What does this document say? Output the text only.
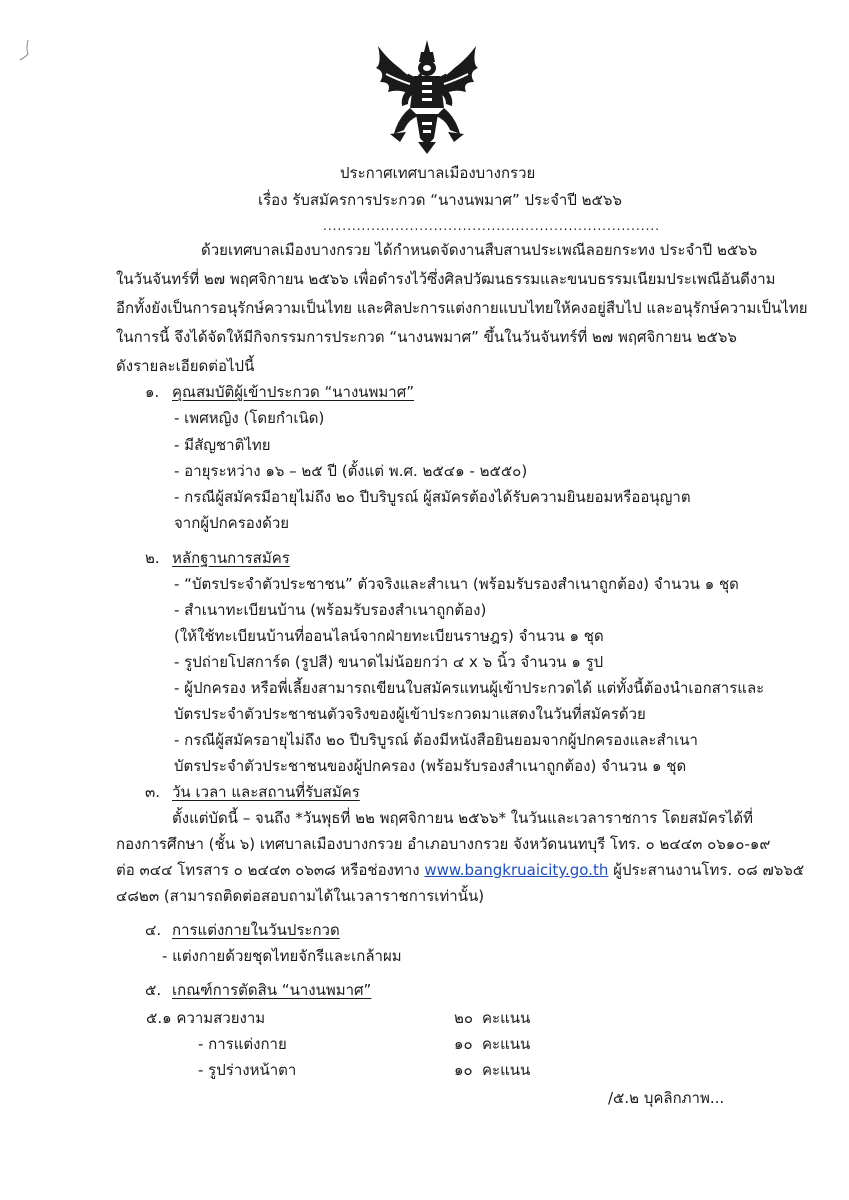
ประกาศเทศบาลเมืองบางกรวย
เรื่อง รับสมัครการประกวด “นางนพมาศ” ประจำปี ๒๕๖๖
......................................................................
ด้วยเทศบาลเมืองบางกรวย ได้กำหนดจัดงานสืบสานประเพณีลอยกระทง ประจำปี ๒๕๖๖
ในวันจันทร์ที่ ๒๗ พฤศจิกายน ๒๕๖๖ เพื่อดำรงไว้ซึ่งศิลปวัฒนธรรมและขนบธรรมเนียมประเพณีอันดีงาม
อีกทั้งยังเป็นการอนุรักษ์ความเป็นไทย และศิลปะการแต่งกายแบบไทยให้คงอยู่สืบไป และอนุรักษ์ความเป็นไทย
ในการนี้ จึงได้จัดให้มีกิจกรรมการประกวด “นางนพมาศ” ขึ้นในวันจันทร์ที่ ๒๗ พฤศจิกายน ๒๕๖๖
ดังรายละเอียดต่อไปนี้
๑. คุณสมบัติผู้เข้าประกวด “นางนพมาศ”
- เพศหญิง (โดยกำเนิด)
- มีสัญชาติไทย
- อายุระหว่าง ๑๖ – ๒๕ ปี (ตั้งแต่ พ.ศ. ๒๕๔๑ - ๒๕๕๐)
- กรณีผู้สมัครมีอายุไม่ถึง ๒๐ ปีบริบูรณ์ ผู้สมัครต้องได้รับความยินยอมหรืออนุญาต
จากผู้ปกครองด้วย
๒. หลักฐานการสมัคร
- “บัตรประจำตัวประชาชน” ตัวจริงและสำเนา (พร้อมรับรองสำเนาถูกต้อง) จำนวน ๑ ชุด
- สำเนาทะเบียนบ้าน (พร้อมรับรองสำเนาถูกต้อง)
(ให้ใช้ทะเบียนบ้านที่ออนไลน์จากฝ่ายทะเบียนราษฎร) จำนวน ๑ ชุด
- รูปถ่ายโปสการ์ด (รูปสี) ขนาดไม่น้อยกว่า ๔ x ๖ นิ้ว จำนวน ๑ รูป
- ผู้ปกครอง หรือพี่เลี้ยงสามารถเขียนใบสมัครแทนผู้เข้าประกวดได้ แต่ทั้งนี้ต้องนำเอกสารและ
บัตรประจำตัวประชาชนตัวจริงของผู้เข้าประกวดมาแสดงในวันที่สมัครด้วย
- กรณีผู้สมัครอายุไม่ถึง ๒๐ ปีบริบูรณ์ ต้องมีหนังสือยินยอมจากผู้ปกครองและสำเนา
บัตรประจำตัวประชาชนของผู้ปกครอง (พร้อมรับรองสำเนาถูกต้อง) จำนวน ๑ ชุด
๓. วัน เวลา และสถานที่รับสมัคร
ตั้งแต่บัดนี้ – จนถึง *วันพุธที่ ๒๒ พฤศจิกายน ๒๕๖๖* ในวันและเวลาราชการ โดยสมัครได้ที่
กองการศึกษา (ชั้น ๖) เทศบาลเมืองบางกรวย อำเภอบางกรวย จังหวัดนนทบุรี โทร. ๐ ๒๔๔๓ ๐๖๑๐-๑๙
ต่อ ๓๔๔ โทรสาร ๐ ๒๔๔๓ ๐๖๓๘ หรือช่องทาง www.bangkruaicity.go.th ผู้ประสานงานโทร. ๐๘ ๗๖๖๕
๔๘๒๓ (สามารถติดต่อสอบถามได้ในเวลาราชการเท่านั้น)
๔. การแต่งกายในวันประกวด
- แต่งกายด้วยชุดไทยจักรีและเกล้าผม
๕. เกณฑ์การตัดสิน “นางนพมาศ”
๕.๑ ความสวยงาม	๒๐ คะแนน
- การแต่งกาย	๑๐ คะแนน
- รูปร่างหน้าตา	๑๐ คะแนน
/๕.๒ บุคลิกภาพ...
